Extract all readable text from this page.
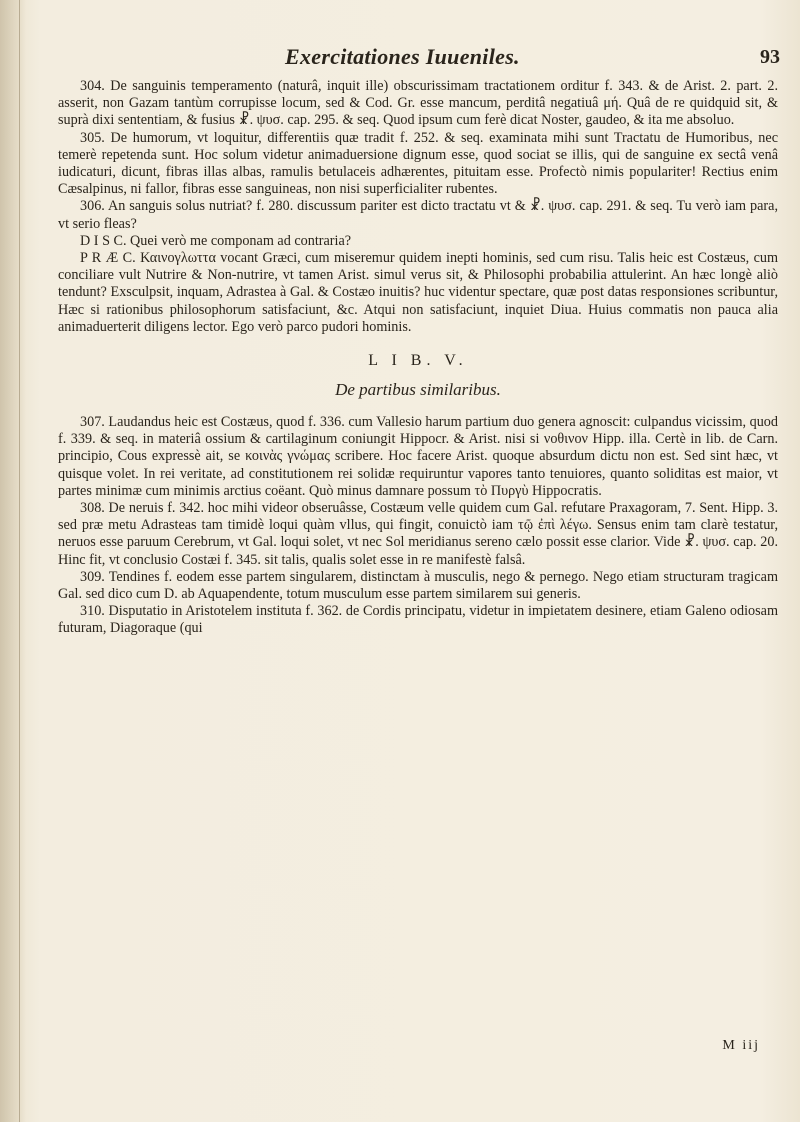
Exercitationes Iuueniles.	93

304. De sanguinis temperamento (naturâ, inquit ille) obscurissimam tractationem orditur f. 343. & de Arist. 2. part. 2. asserit, non Gazam tantùm corrupisse locum, sed & Cod. Gr. esse mancum, perditâ negatiuâ μή. Quâ de re quidquid sit, & suprà dixi sententiam, & fusius ☧. ψυσ. cap. 295. & seq. Quod ipsum cum ferè dicat Noster, gaudeo, & ita me absoluo.

305. De humorum, vt loquitur, differentiis quæ tradit f. 252. & seq. examinata mihi sunt Tractatu de Humoribus, nec temerè repetenda sunt. Hoc solum videtur animaduersione dignum esse, quod sociat se illis, qui de sanguine ex sectâ venâ iudicaturi, dicunt, fibras illas albas, ramulis betulaceis adhærentes, pituitam esse. Profectò nimis populariter! Rectius enim Cæsalpinus, ni fallor, fibras esse sanguineas, non nisi superficialiter rubentes.

306. An sanguis solus nutriat? f. 280. discussum pariter est dicto tractatu vt & ☧. ψυσ. cap. 291. & seq. Tu verò iam para, vt serio fleas?

D I S C. Quei verò me componam ad contraria?

P R Æ C. Καινογλωττα vocant Græci, cum miseremur quidem inepti hominis, sed cum risu. Talis heic est Costæus, cum conciliare vult Nutrire & Non-nutrire, vt tamen Arist. simul verus sit, & Philosophi probabilia attulerint. An hæc longè aliò tendunt? Exsculpsit, inquam, Adrastea à Gal. & Costæo inuitis? huc videntur spectare, quæ post datas responsiones scribuntur, Hæc si rationibus philosophorum satisfaciunt, &c. Atqui non satisfaciunt, inquiet Diua. Huius commatis non pauca alia animaduerterit diligens lector. Ego verò parco pudori hominis.

L I B. V.
De partibus similaribus.

307. Laudandus heic est Costæus, quod f. 336. cum Vallesio harum partium duo genera agnoscit: culpandus vicissim, quod f. 339. & seq. in materiâ ossium & cartilaginum coniungit Hippocr. & Arist. nisi si νοθινον Hipp. illa. Certè in lib. de Carn. principio, Cous expressè ait, se κοινὰς γνώμας scribere. Hoc facere Arist. quoque absurdum dictu non est. Sed sint hæc, vt quisque volet. In rei veritate, ad constitutionem rei solidæ requiruntur vapores tanto tenuiores, quanto soliditas est maior, vt partes minimæ cum minimis arctius coëant. Quò minus damnare possum τὸ Πυργὺ Hippocratis.

308. De neruis f. 342. hoc mihi videor obseruâsse, Costæum velle quidem cum Gal. refutare Praxagoram, 7. Sent. Hipp. 3. sed præ metu Adrasteas tam timidè loqui quàm vllus, qui fingit, conuictò iam τῷ ἐπὶ λέγω. Sensus enim tam clarè testatur, neruos esse paruum Cerebrum, vt Gal. loqui solet, vt nec Sol meridianus sereno cælo possit esse clarior. Vide ☧. ψυσ. cap. 20. Hinc fit, vt conclusio Costæi f. 345. sit talis, qualis solet esse in re manifestè falsâ.

309. Tendines f. eodem esse partem singularem, distinctam à musculis, nego & pernego. Nego etiam structuram tragicam Gal. sed dico cum D. ab Aquapendente, totum musculum esse partem similarem sui generis.

310. Disputatio in Aristotelem instituta f. 362. de Cordis principatu, videtur in impietatem desinere, etiam Galeno odiosam futuram, Diagoraque (qui

M iij
